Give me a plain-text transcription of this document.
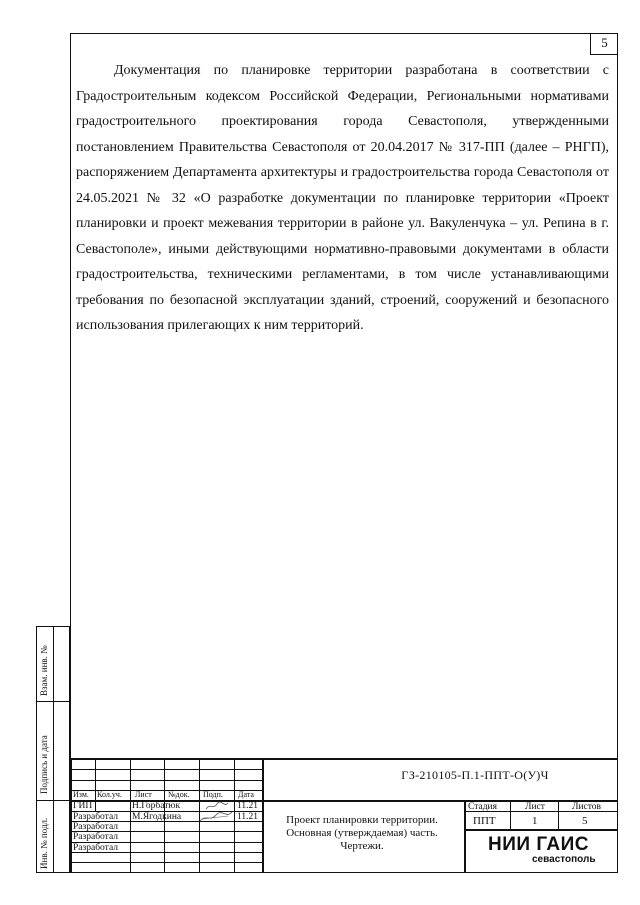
5

Документация по планировке территории разработана в соответствии с Градостроительным кодексом Российской Федерации, Региональными нормативами градостроительного проектирования города Севастополя, утвержденными постановлением Правительства Севастополя от 20.04.2017 № 317-ПП (далее – РНГП), распоряжением Департамента архитектуры и градостроительства города Севастополя от 24.05.2021 № 32 «О разработке документации по планировке территории «Проект планировки и проект межевания территории в районе ул. Вакуленчука – ул. Репина в г. Севастополе», иными действующими нормативно-правовыми документами в области градостроительства, техническими регламентами, в том числе устанавливающими требования по безопасной эксплуатации зданий, строений, сооружений и безопасного использования прилегающих к ним территорий.

Взам. инв. №
Подпись и дата
Инв. № подл.
Изм. Кол.уч. Лист №док. Подп. Дата
ГЗ-210105-П.1-ППТ-О(У)Ч
ГИП	Н.Горбатюк	11.21
Разработал М.Ягодкина	11.21
Разработал
Разработал
Разработал
Проект планировки территории.
Основная (утверждаемая) часть.
Чертежи.
Стадия	Лист	Листов
ППТ	1	5
НИИ ГАИС
севастополь
